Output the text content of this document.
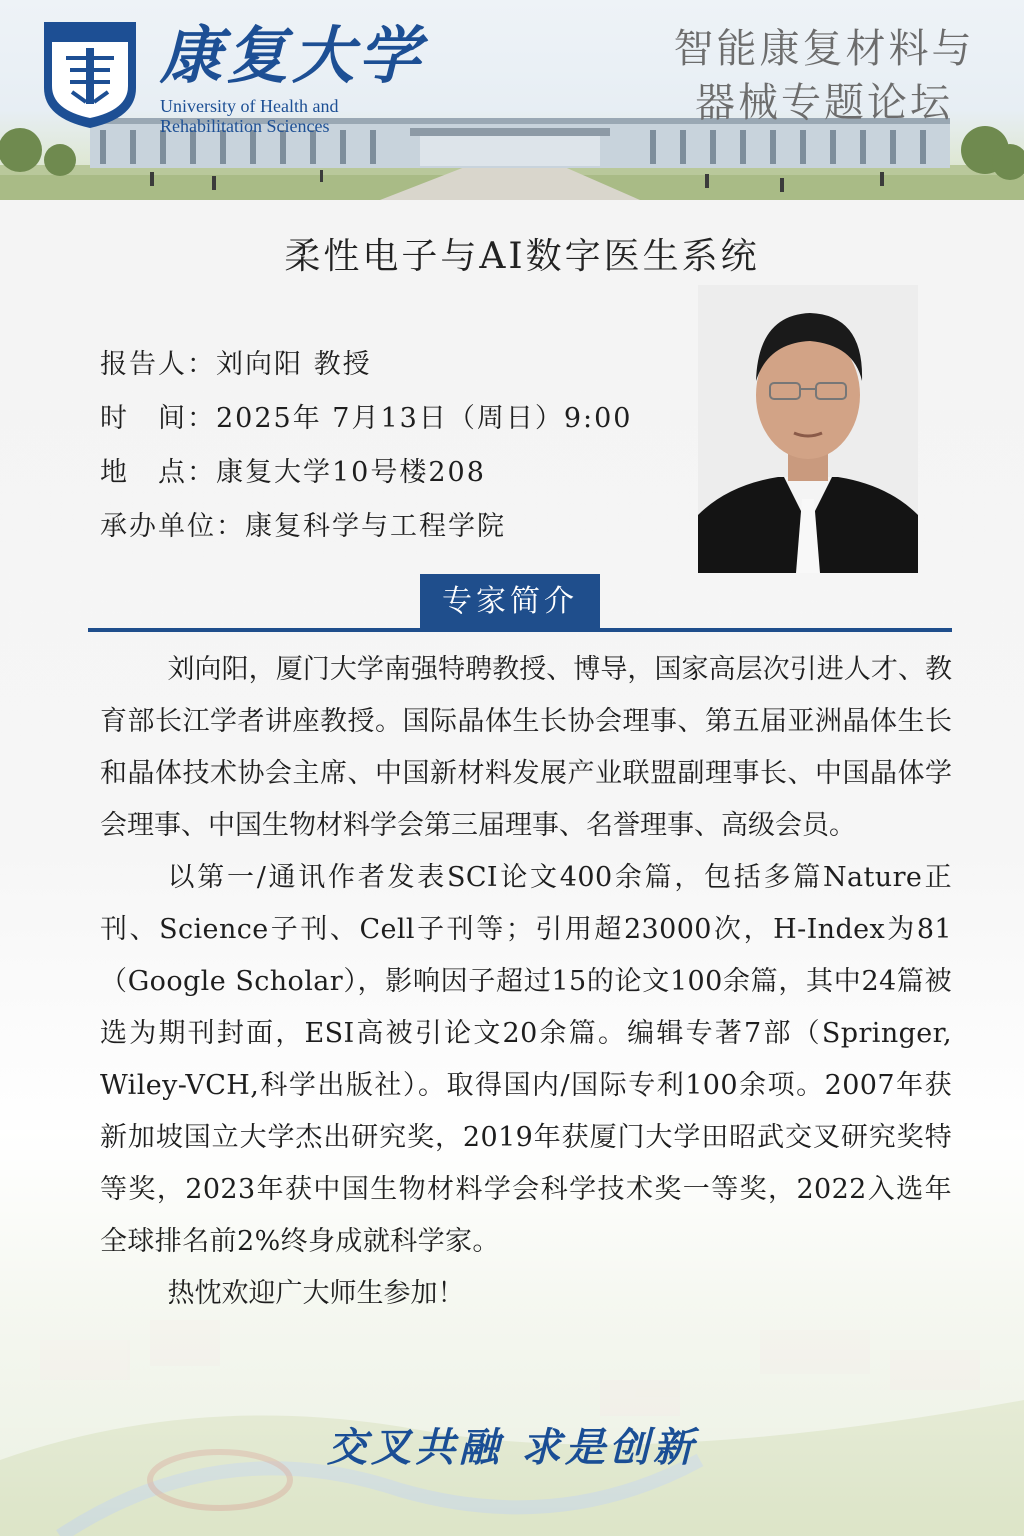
康复大学
University of Health and
Rehabilitation Sciences
智能康复材料与
器械专题论坛
柔性电子与AI数字医生系统
报告人：刘向阳 教授
时　间：2025年 7月13日（周日）9:00
地　点：康复大学10号楼208
承办单位：康复科学与工程学院
专家简介

刘向阳，厦门大学南强特聘教授、博导，国家高层次引进人才、教育部长江学者讲座教授。国际晶体生长协会理事、第五届亚洲晶体生长和晶体技术协会主席、中国新材料发展产业联盟副理事长、中国晶体学会理事、中国生物材料学会第三届理事、名誉理事、高级会员。

以第一/通讯作者发表SCI论文400余篇，包括多篇Nature正刊、Science子刊、Cell子刊等；引用超23000次，H-Index为81（Google Scholar），影响因子超过15的论文100余篇，其中24篇被选为期刊封面，ESI高被引论文20余篇。编辑专著7部（Springer, Wiley-VCH,科学出版社）。取得国内/国际专利100余项。2007年获新加坡国立大学杰出研究奖，2019年获厦门大学田昭武交叉研究奖特等奖，2023年获中国生物材料学会科学技术奖一等奖，2022入选年全球排名前2%终身成就科学家。

热忱欢迎广大师生参加！

交叉共融 求是创新
